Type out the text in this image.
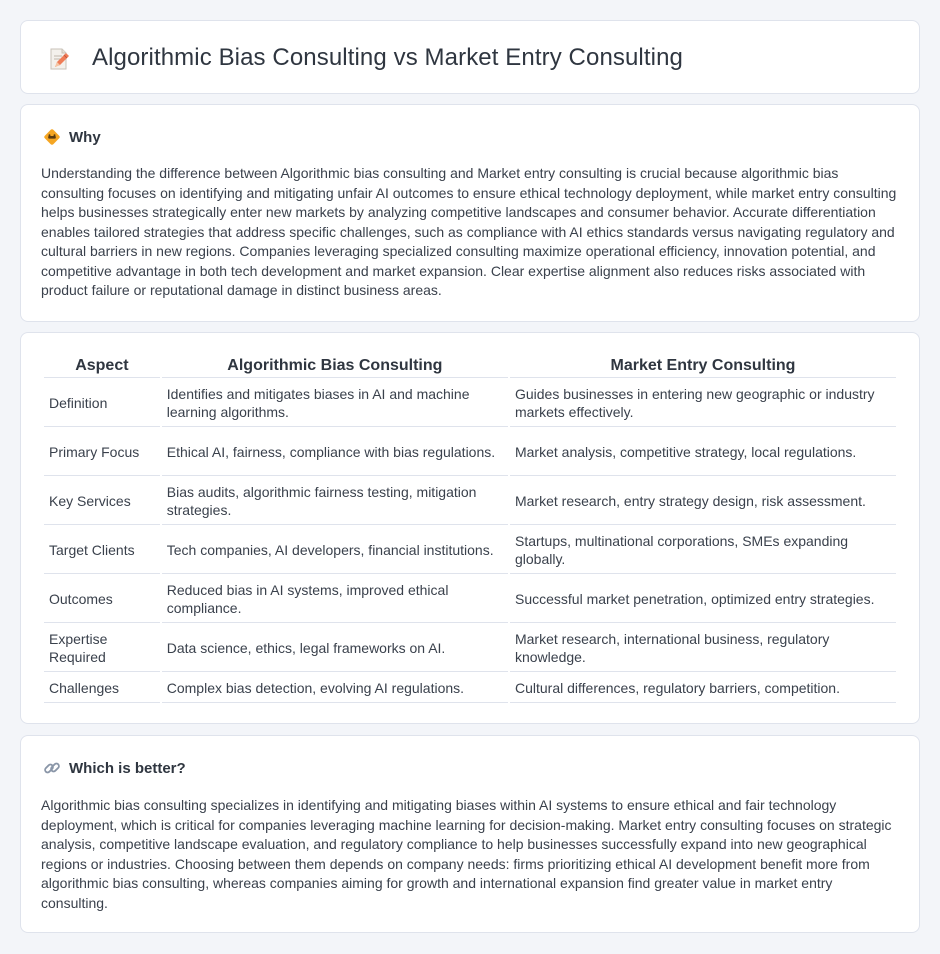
Algorithmic Bias Consulting vs Market Entry Consulting
Why

Understanding the difference between Algorithmic bias consulting and Market entry consulting is crucial because algorithmic bias consulting focuses on identifying and mitigating unfair AI outcomes to ensure ethical technology deployment, while market entry consulting helps businesses strategically enter new markets by analyzing competitive landscapes and consumer behavior. Accurate differentiation enables tailored strategies that address specific challenges, such as compliance with AI ethics standards versus navigating regulatory and cultural barriers in new regions. Companies leveraging specialized consulting maximize operational efficiency, innovation potential, and competitive advantage in both tech development and market expansion. Clear expertise alignment also reduces risks associated with product failure or reputational damage in distinct business areas.

Aspect	Algorithmic Bias Consulting	Market Entry Consulting
Definition	Identifies and mitigates biases in AI and machine learning algorithms.	Guides businesses in entering new geographic or industry markets effectively.
Primary Focus	Ethical AI, fairness, compliance with bias regulations.	Market analysis, competitive strategy, local regulations.
Key Services	Bias audits, algorithmic fairness testing, mitigation strategies.	Market research, entry strategy design, risk assessment.
Target Clients	Tech companies, AI developers, financial institutions.	Startups, multinational corporations, SMEs expanding globally.
Outcomes	Reduced bias in AI systems, improved ethical compliance.	Successful market penetration, optimized entry strategies.
Expertise Required	Data science, ethics, legal frameworks on AI.	Market research, international business, regulatory knowledge.
Challenges	Complex bias detection, evolving AI regulations.	Cultural differences, regulatory barriers, competition.
Which is better?

Algorithmic bias consulting specializes in identifying and mitigating biases within AI systems to ensure ethical and fair technology deployment, which is critical for companies leveraging machine learning for decision-making. Market entry consulting focuses on strategic analysis, competitive landscape evaluation, and regulatory compliance to help businesses successfully expand into new geographical regions or industries. Choosing between them depends on company needs: firms prioritizing ethical AI development benefit more from algorithmic bias consulting, whereas companies aiming for growth and international expansion find greater value in market entry consulting.
